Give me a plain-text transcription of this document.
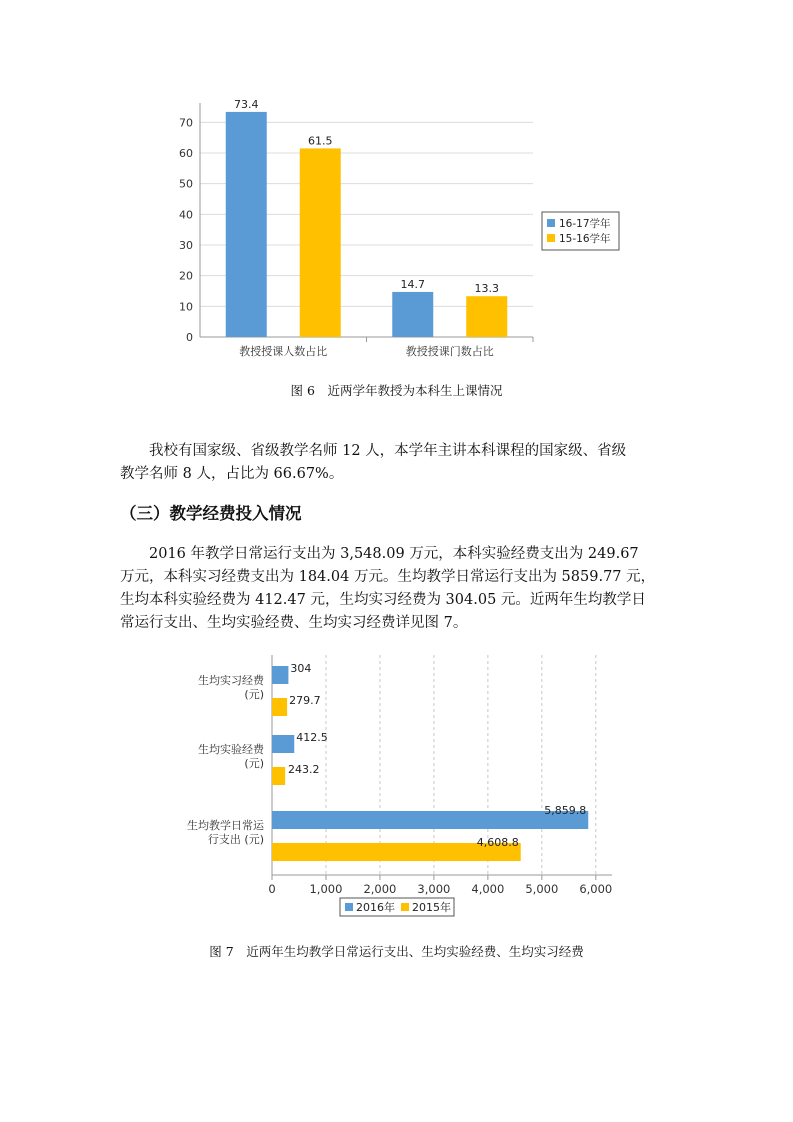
0
10
20
30
40
50
60
70
教授授课人数占比
73.4
61.5
教授授课门数占比
14.7	13.3
16-17学年
15-16学年
图 6　近两学年教授为本科生上课情况
　　我校有国家级、省级教学名师 12 人，本学年主讲本科课程的国家级、省级
教学名师 8 人，占比为 66.67%。
（三）教学经费投入情况
　　2016 年教学日常运行支出为 3,548.09 万元，本科实验经费支出为 249.67
万元，本科实习经费支出为 184.04 万元。生均教学日常运行支出为 5859.77 元，
生均本科实验经费为 412.47 元，生均实习经费为 304.05 元。近两年生均教学日
常运行支出、生均实验经费、生均实习经费详见图 7。
0	1,000 2,000 3,000 4,000 5,000 6,000
生均实习经费
(元)
304
279.7
生均实验经费
(元)
412.5
243.2
生均教学日常运
行支出 (元)
5,859.8
4,608.8
2016年 2015年
图 7　近两年生均教学日常运行支出、生均实验经费、生均实习经费
